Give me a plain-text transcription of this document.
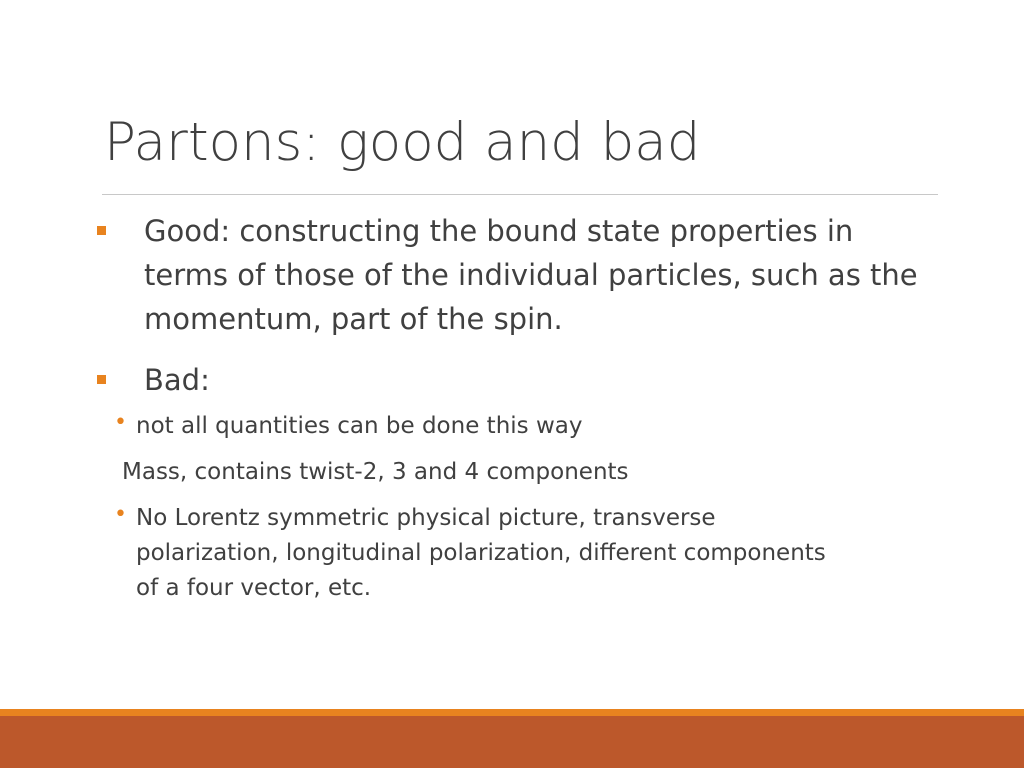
Partons: good and bad
Good: constructing the bound state properties in terms of those of the individual particles, such as the momentum, part of the spin.
Bad:
• not all quantities can be done this way
Mass, contains twist-2, 3 and 4 components
• No Lorentz symmetric physical picture, transverse polarization, longitudinal polarization, different components of a four vector, etc.
